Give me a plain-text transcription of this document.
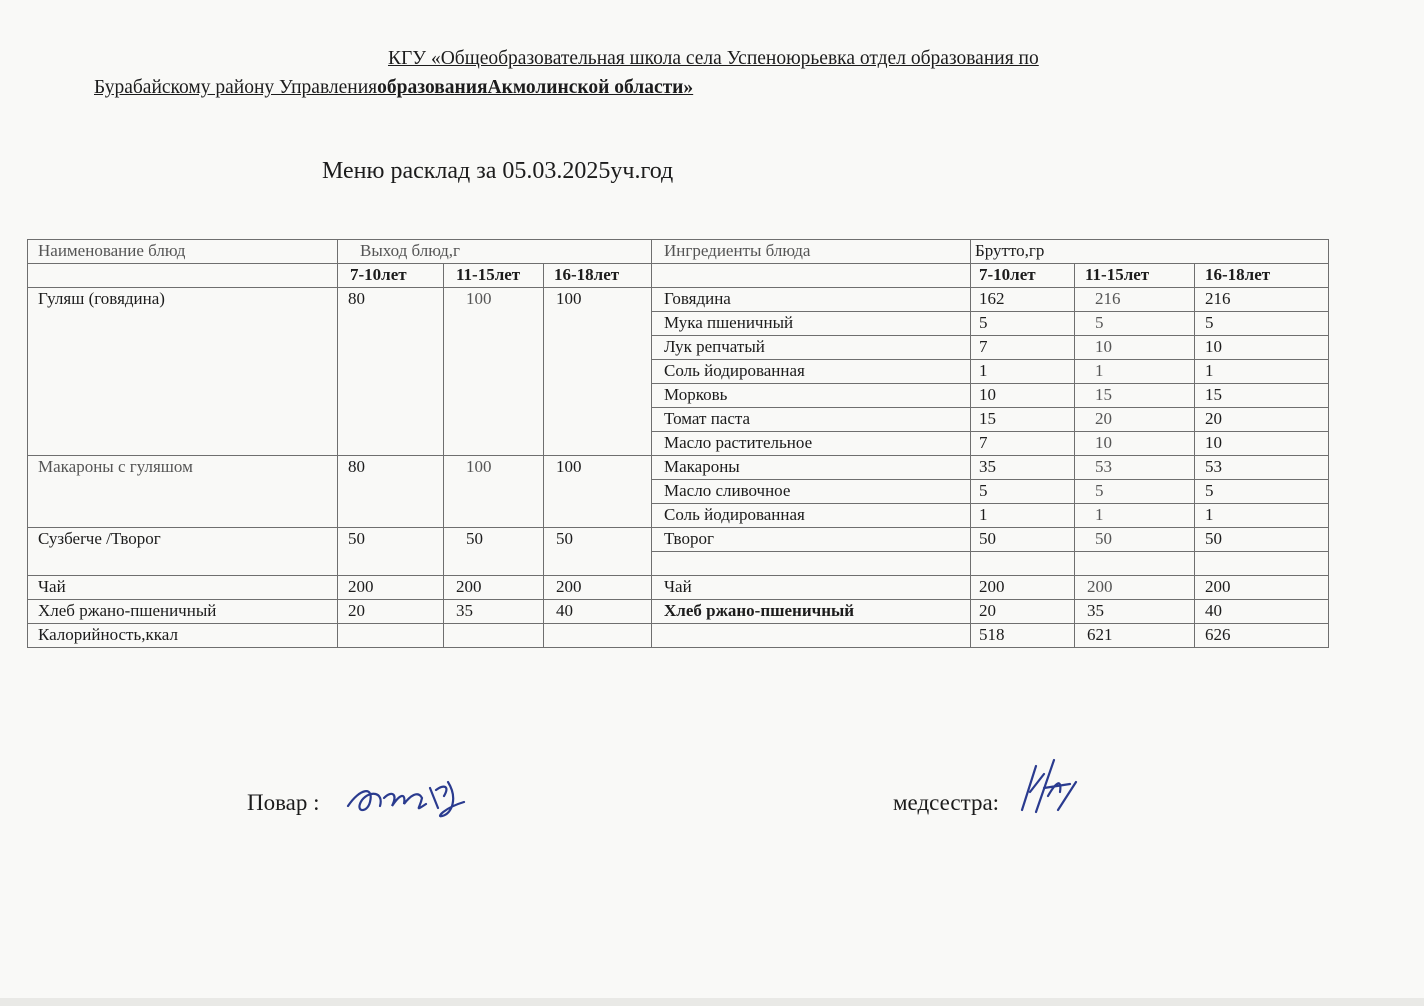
КГУ «Общеобразовательная школа села Успеноюрьевка отдел образования по
Бурабайскому району УправленияобразованияАкмолинской области»
Меню расклад за 05.03.2025уч.год
Наименование блюд	Выход блюд,г			Ингредиенты блюда	Брутто,гр		
	7-10лет	11-15лет	16-18лет		7-10лет	11-15лет	16-18лет
Гуляш (говядина)	80	100	100	Говядина	162	216	216
				Мука пшеничный	5	5	5
				Лук репчатый	7	10	10
				Соль йодированная	1	1	1
				Морковь	10	15	15
				Томат паста	15	20	20
				Масло растительное	7	10	10
Макароны с гуляшом	80	100	100	Макароны	35	53	53
				Масло сливочное	5	5	5
				Соль йодированная	1	1	1
Сузбеrче /Творог	50	50	50	Творог	50	50	50

Чай	200	200	200	Чай	200	200	200
Хлеб ржано-пшеничный	20	35	40	Хлеб ржано-пшеничный	20	35	40
Калорийность,ккал					518	621	626
Повар :	медсестра:
